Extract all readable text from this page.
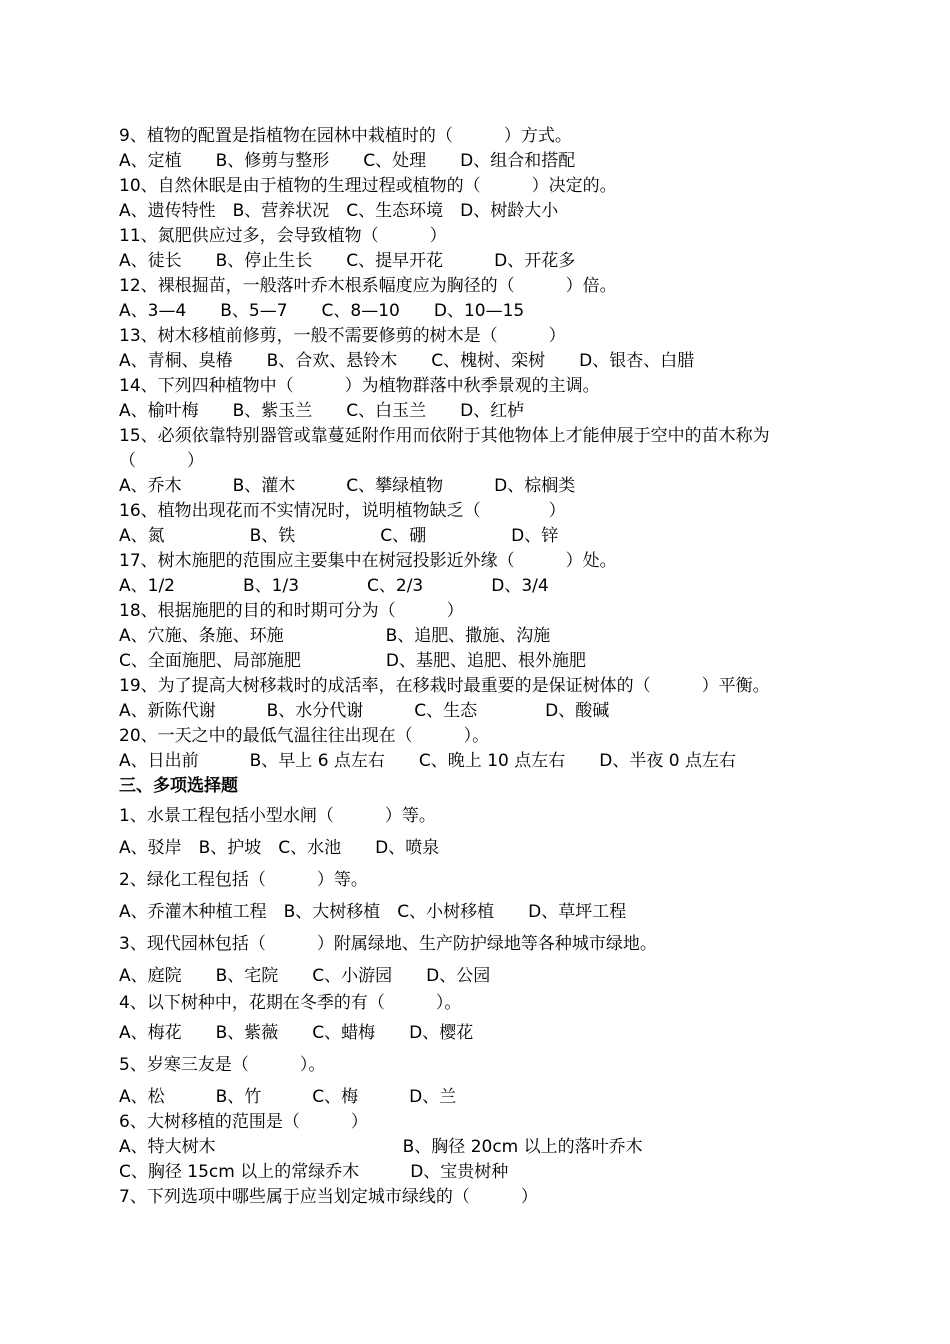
9、植物的配置是指植物在园林中栽植时的（　　　）方式。
A、定植　　B、修剪与整形　　C、处理　　D、组合和搭配
10、自然休眠是由于植物的生理过程或植物的（　　　）决定的。
A、遗传特性　B、营养状况　C、生态环境　D、树龄大小
11、氮肥供应过多，会导致植物（　　　）
A、徒长　　B、停止生长　　C、提早开花　　　D、开花多
12、裸根掘苗，一般落叶乔木根系幅度应为胸径的（　　　）倍。
A、3—4　　B、5—7　　C、8—10　　D、10—15
13、树木移植前修剪，一般不需要修剪的树木是（　　　）
A、青桐、臭椿　　B、合欢、悬铃木　　C、槐树、栾树　　D、银杏、白腊
14、下列四种植物中（　　　）为植物群落中秋季景观的主调。
A、榆叶梅　　B、紫玉兰　　C、白玉兰　　D、红栌
15、必须依靠特别器管或靠蔓延附作用而依附于其他物体上才能伸展于空中的苗木称为
（　　　）
A、乔木　　　B、灌木　　　C、攀绿植物　　　D、棕榈类
16、植物出现花而不实情况时，说明植物缺乏（　　　　）
A、氮　　　　　B、铁　　　　　C、硼　　　　　D、锌
17、树木施肥的范围应主要集中在树冠投影近外缘（　　　）处。
A、1/2　　　　B、1/3　　　　C、2/3　　　　D、3/4
18、根据施肥的目的和时期可分为（　　　）
A、穴施、条施、环施　　　　　　B、追肥、撒施、沟施
C、全面施肥、局部施肥　　　　　D、基肥、追肥、根外施肥
19、为了提高大树移栽时的成活率，在移栽时最重要的是保证树体的（　　　）平衡。
A、新陈代谢　　　B、水分代谢　　　C、生态　　　　D、酸碱
20、一天之中的最低气温往往出现在（　　　）。
A、日出前　　　B、早上 6 点左右　　C、晚上 10 点左右　　D、半夜 0 点左右
三、多项选择题
1、水景工程包括小型水闸（　　　）等。
A、驳岸　B、护坡　C、水池　　D、喷泉
2、绿化工程包括（　　　）等。
A、乔灌木种植工程　B、大树移植　C、小树移植　　D、草坪工程
3、现代园林包括（　　　）附属绿地、生产防护绿地等各种城市绿地。
A、庭院　　B、宅院　　C、小游园　　D、公园
4、以下树种中，花期在冬季的有（　　　）。
A、梅花　　B、紫薇　　C、蜡梅　　D、樱花
5、岁寒三友是（　　　）。
A、松　　　B、竹　　　C、梅　　　D、兰
6、大树移植的范围是（　　　）
A、特大树木　　　　　　　　　　　B、胸径 20cm 以上的落叶乔木
C、胸径 15cm 以上的常绿乔木　　　D、宝贵树种
7、下列选项中哪些属于应当划定城市绿线的（　　　）
